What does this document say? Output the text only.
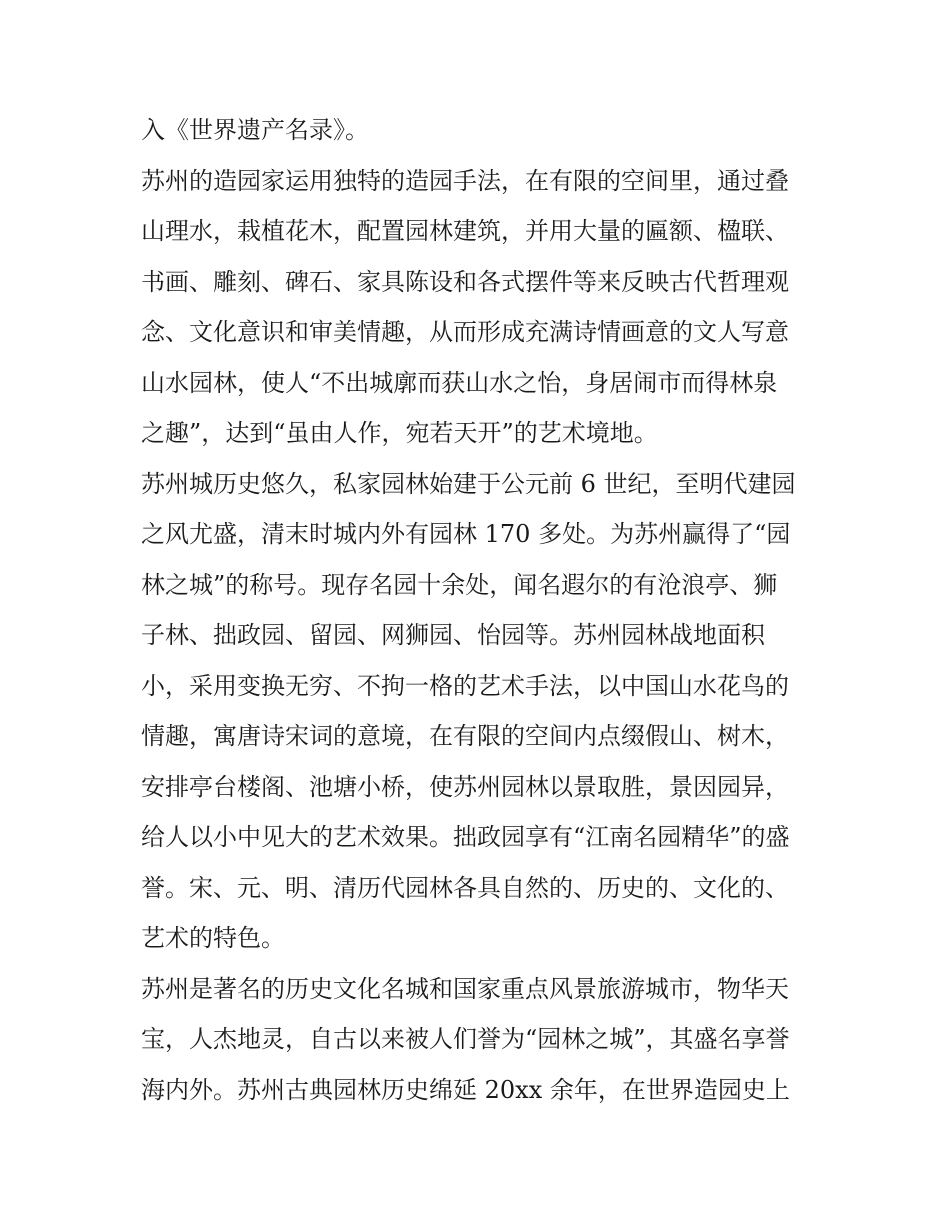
入《世界遗产名录》。
苏州的造园家运用独特的造园手法，在有限的空间里，通过叠
山理水，栽植花木，配置园林建筑，并用大量的匾额、楹联、
书画、雕刻、碑石、家具陈设和各式摆件等来反映古代哲理观
念、文化意识和审美情趣，从而形成充满诗情画意的文人写意
山水园林，使人“不出城廓而获山水之怡，身居闹市而得林泉
之趣”，达到“虽由人作，宛若天开”的艺术境地。
苏州城历史悠久，私家园林始建于公元前 6 世纪，至明代建园
之风尤盛，清末时城内外有园林 170 多处。为苏州赢得了“园
林之城”的称号。现存名园十余处，闻名遐尔的有沧浪亭、狮
子林、拙政园、留园、网狮园、怡园等。苏州园林战地面积
小，采用变换无穷、不拘一格的艺术手法，以中国山水花鸟的
情趣，寓唐诗宋词的意境，在有限的空间内点缀假山、树木，
安排亭台楼阁、池塘小桥，使苏州园林以景取胜，景因园异，
给人以小中见大的艺术效果。拙政园享有“江南名园精华”的盛
誉。宋、元、明、清历代园林各具自然的、历史的、文化的、
艺术的特色。
苏州是著名的历史文化名城和国家重点风景旅游城市，物华天
宝，人杰地灵，自古以来被人们誉为“园林之城”，其盛名享誉
海内外。苏州古典园林历史绵延 20xx 余年，在世界造园史上
